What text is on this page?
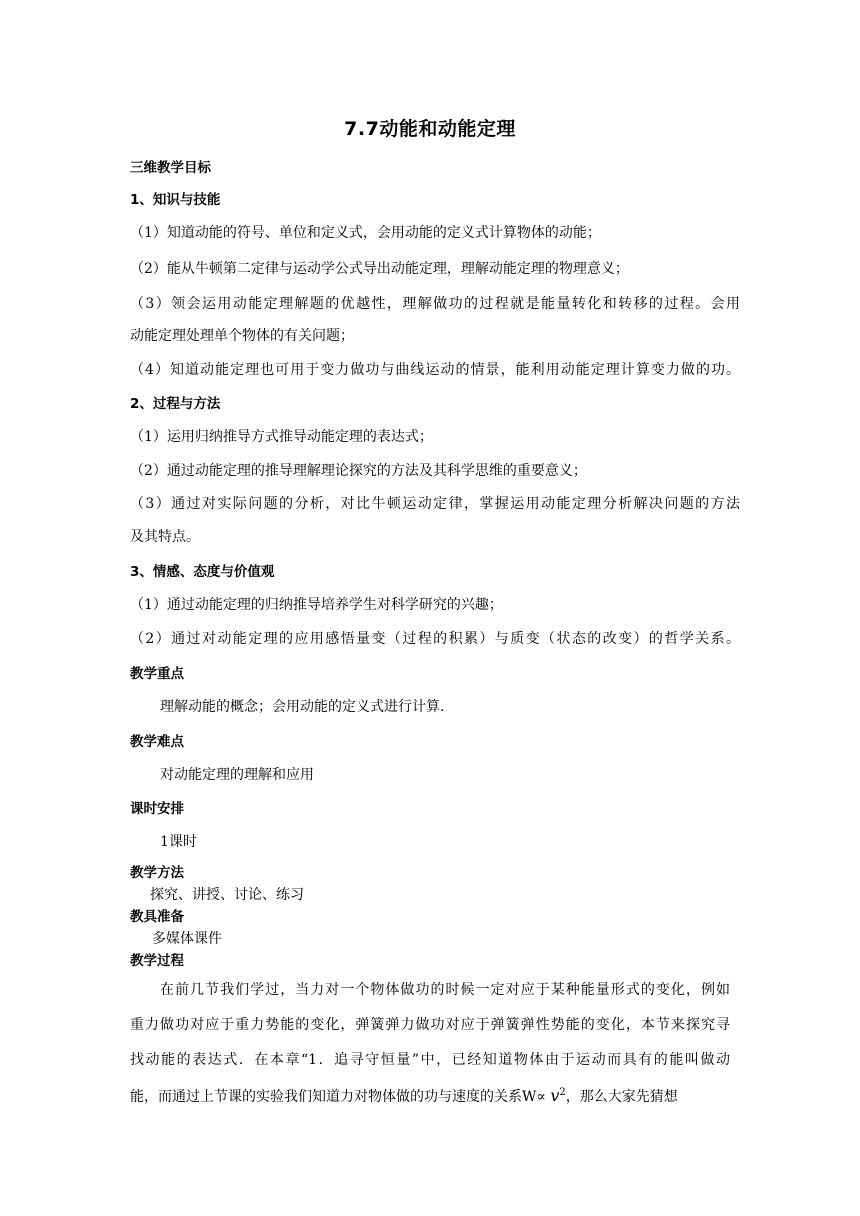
7.7动能和动能定理
三维教学目标
1、知识与技能
（1）知道动能的符号、单位和定义式，会用动能的定义式计算物体的动能；
（2）能从牛顿第二定律与运动学公式导出动能定理，理解动能定理的物理意义；
（3）领会运用动能定理解题的优越性，理解做功的过程就是能量转化和转移的过程。会用
动能定理处理单个物体的有关问题；
（4）知道动能定理也可用于变力做功与曲线运动的情景，能利用动能定理计算变力做的功。
2、过程与方法
（1）运用归纳推导方式推导动能定理的表达式；
（2）通过动能定理的推导理解理论探究的方法及其科学思维的重要意义；
（3）通过对实际问题的分析，对比牛顿运动定律，掌握运用动能定理分析解决问题的方法
及其特点。
3、情感、态度与价值观
（1）通过动能定理的归纳推导培养学生对科学研究的兴趣；
（2）通过对动能定理的应用感悟量变（过程的积累）与质变（状态的改变）的哲学关系。
教学重点
理解动能的概念；会用动能的定义式进行计算.
教学难点
对动能定理的理解和应用
课时安排
1课时
教学方法
探究、讲授、讨论、练习
教具准备
多媒体课件
教学过程
在前几节我们学过，当力对一个物体做功的时候一定对应于某种能量形式的变化，例如
重力做功对应于重力势能的变化，弹簧弹力做功对应于弹簧弹性势能的变化，本节来探究寻
找动能的表达式．在本章“1．追寻守恒量”中，已经知道物体由于运动而具有的能叫做动
能，而通过上节课的实验我们知道力对物体做的功与速度的关系$W\propto v^2$，那么大家先猜想
